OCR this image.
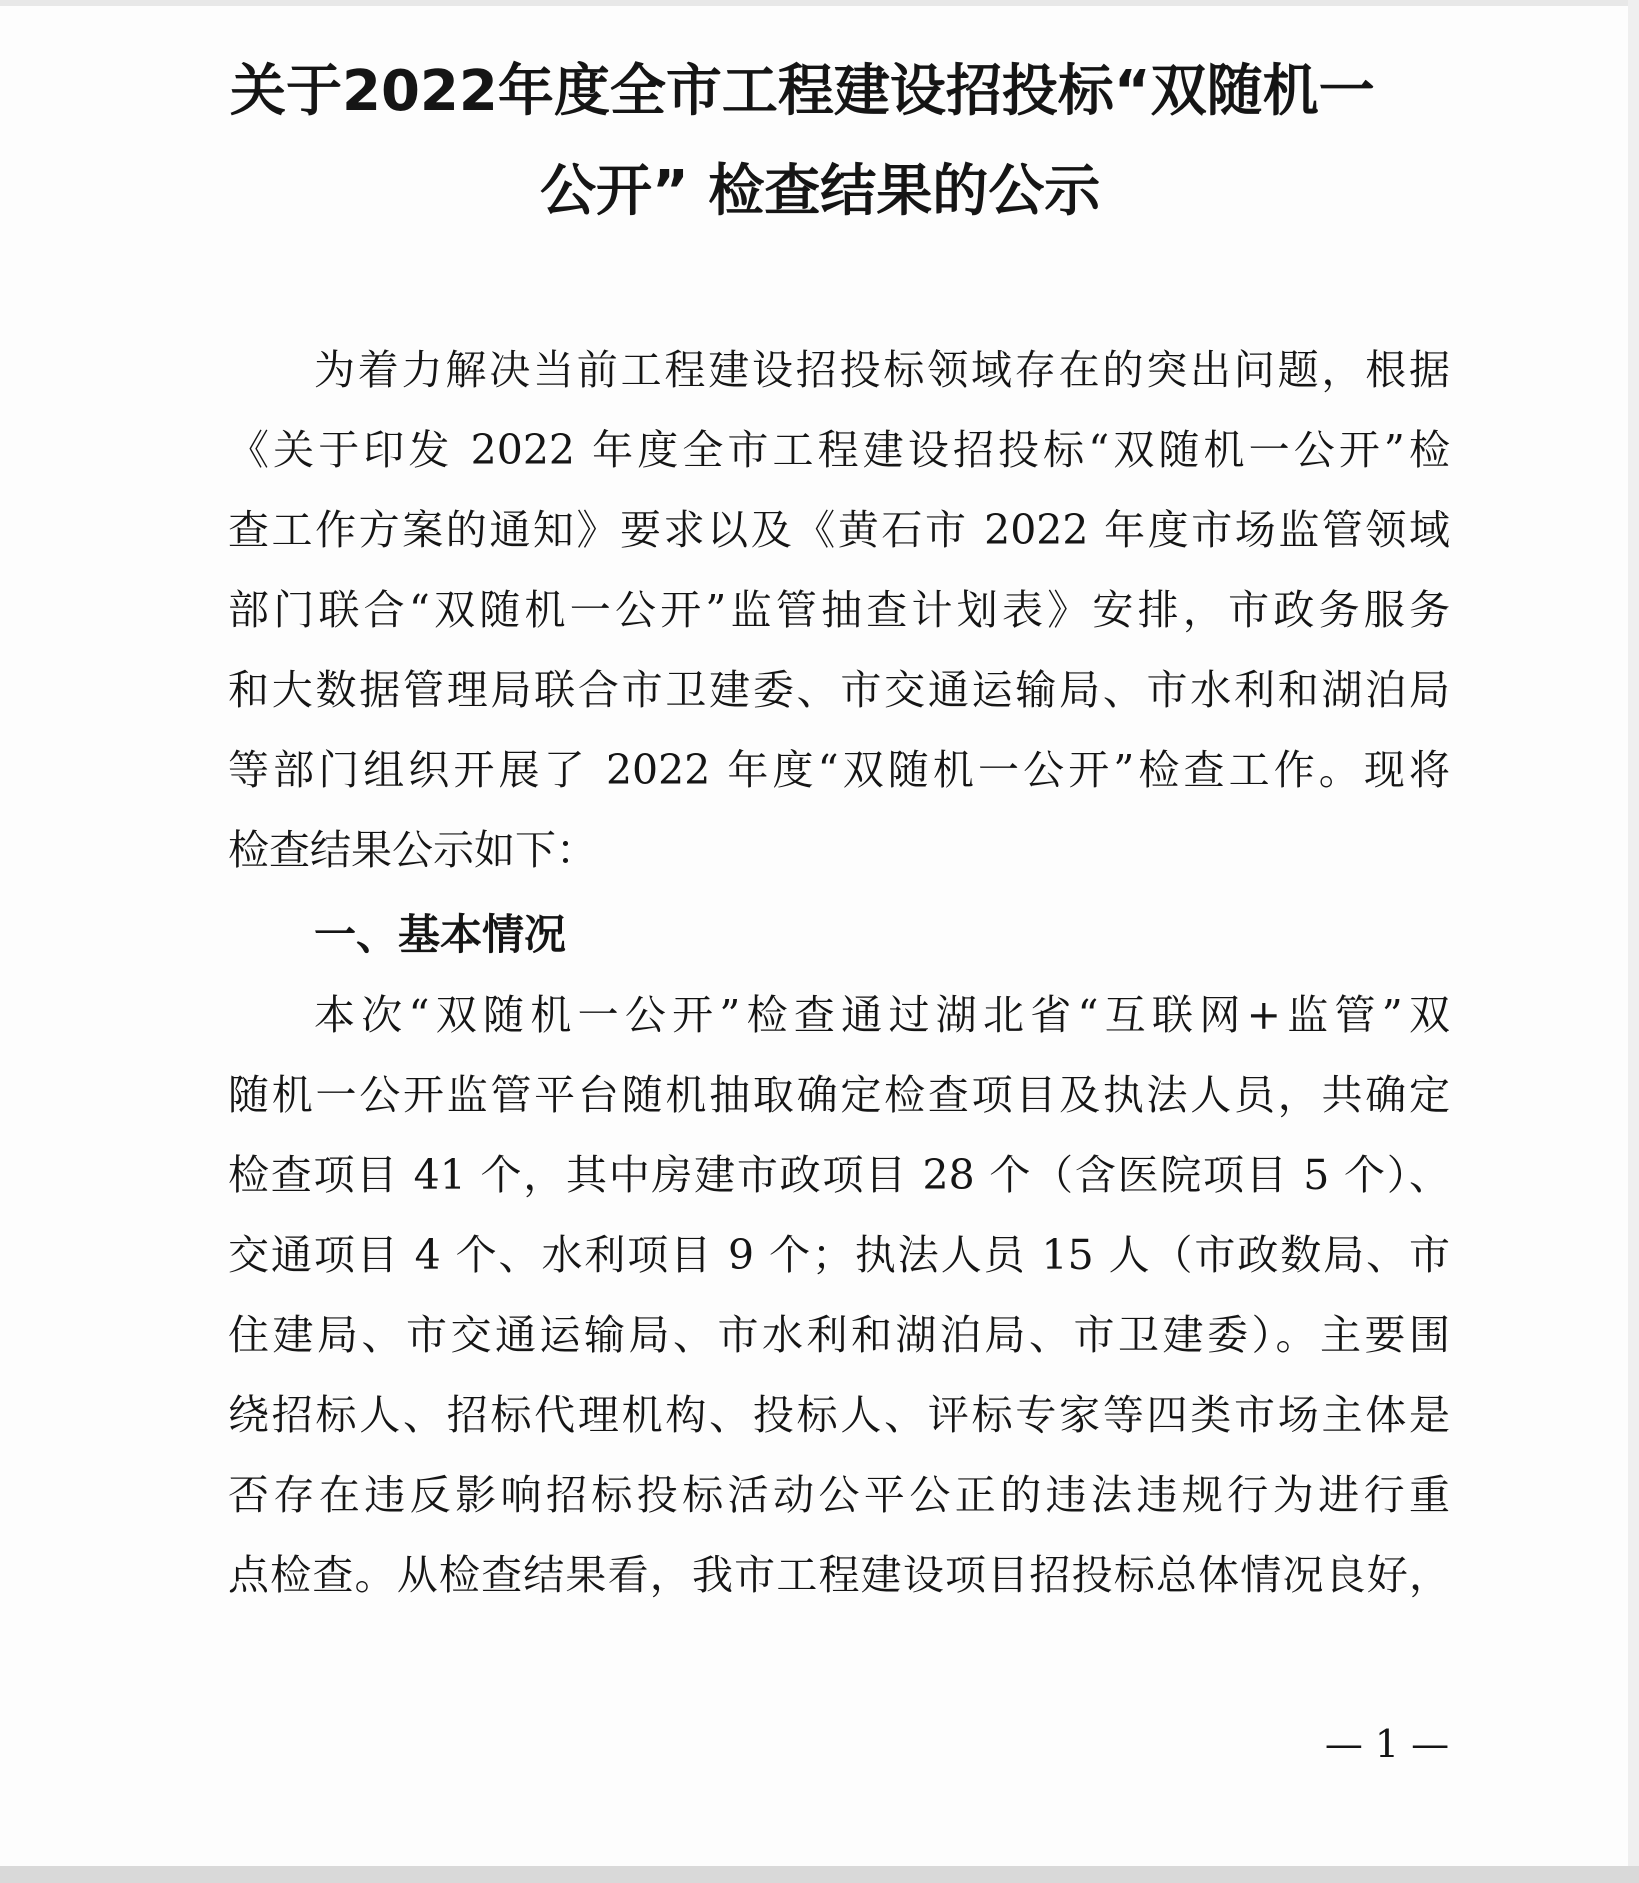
关于2022年度全市工程建设招投标“双随机一
公开” 检查结果的公示

为着力解决当前工程建设招投标领域存在的突出问题，根据

《关于印发 2022 年度全市工程建设招投标“双随机一公开”检

查工作方案的通知》要求以及《黄石市 2022 年度市场监管领域

部门联合“双随机一公开”监管抽查计划表》安排，市政务服务

和大数据管理局联合市卫建委、市交通运输局、市水利和湖泊局

等部门组织开展了 2022 年度“双随机一公开”检查工作。现将

检查结果公示如下：

一、基本情况

本次“双随机一公开”检查通过湖北省“互联网+监管”双

随机一公开监管平台随机抽取确定检查项目及执法人员，共确定

检查项目 41 个，其中房建市政项目 28 个（含医院项目 5 个）、

交通项目 4 个、水利项目 9 个；执法人员 15 人（市政数局、市

住建局、市交通运输局、市水利和湖泊局、市卫建委）。主要围

绕招标人、招标代理机构、投标人、评标专家等四类市场主体是

否存在违反影响招标投标活动公平公正的违法违规行为进行重

点检查。从检查结果看，我市工程建设项目招投标总体情况良好，

— 1 —
